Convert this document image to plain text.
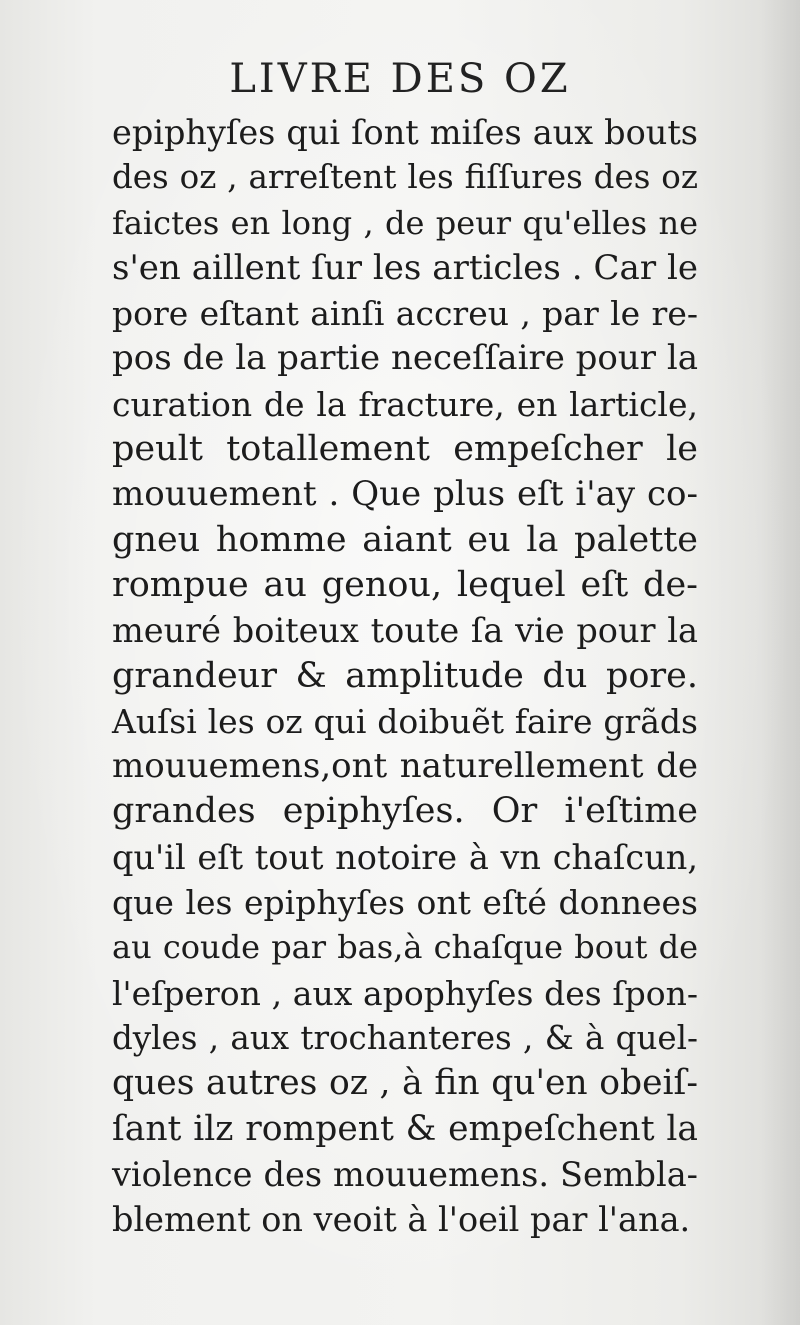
LIVRE DES OZ
epiphyſes qui ſont miſes aux bouts
des oz , arreſtent les fiſſures des oz
faictes en long , de peur qu'elles ne
s'en aillent ſur les articles . Car le
pore eſtant ainſi accreu , par le re-
pos de la partie neceſſaire pour la
curation de la fracture, en larticle,
peult totallement empeſcher le
mouuement . Que plus eſt i'ay co-
gneu homme aiant eu la palette
rompue au genou, lequel eſt de-
meuré boiteux toute ſa vie pour la
grandeur & amplitude du pore.
Auſsi les oz qui doibuẽt faire grãds
mouuemens,ont naturellement de
grandes epiphyſes. Or i'eſtime
qu'il eſt tout notoire à vn chaſcun,
que les epiphyſes ont eſté donnees
au coude par bas,à chaſque bout de
l'eſperon , aux apophyſes des ſpon-
dyles , aux trochanteres , & à quel-
ques autres oz , à fin qu'en obeiſ-
ſant ilz rompent & empeſchent la
violence des mouuemens. Sembla-
blement on veoit à l'oeil par l'ana.
